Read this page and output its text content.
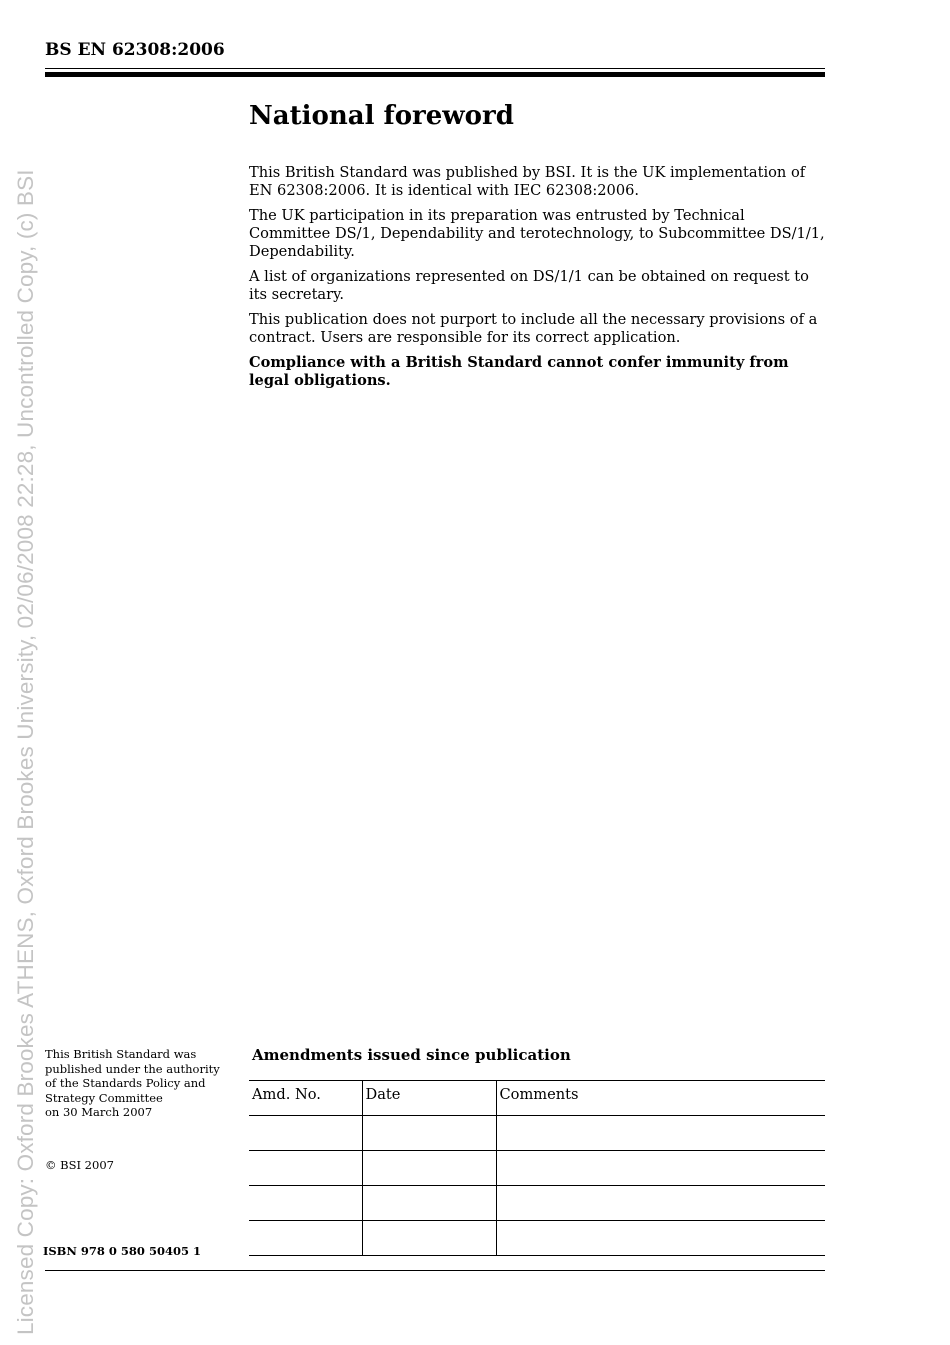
Licensed Copy: Oxford Brookes ATHENS, Oxford Brookes University, 02/06/2008 22:28, Uncontrolled Copy, (c) BSI
BS EN 62308:2006
National foreword

This British Standard was published by BSI. It is the UK implementation of EN 62308:2006. It is identical with IEC 62308:2006.

The UK participation in its preparation was entrusted by Technical Committee DS/1, Dependability and terotechnology, to Subcommittee DS/1/1, Dependability.

A list of organizations represented on DS/1/1 can be obtained on request to its secretary.

This publication does not purport to include all the necessary provisions of a contract. Users are responsible for its correct application.

Compliance with a British Standard cannot confer immunity from legal obligations.

This British Standard was
published under the authority
of the Standards Policy and
Strategy Committee
on 30 March 2007
© BSI 2007
ISBN 978 0 580 50405 1
Amendments issued since publication
Amd. No.	Date	Comments
